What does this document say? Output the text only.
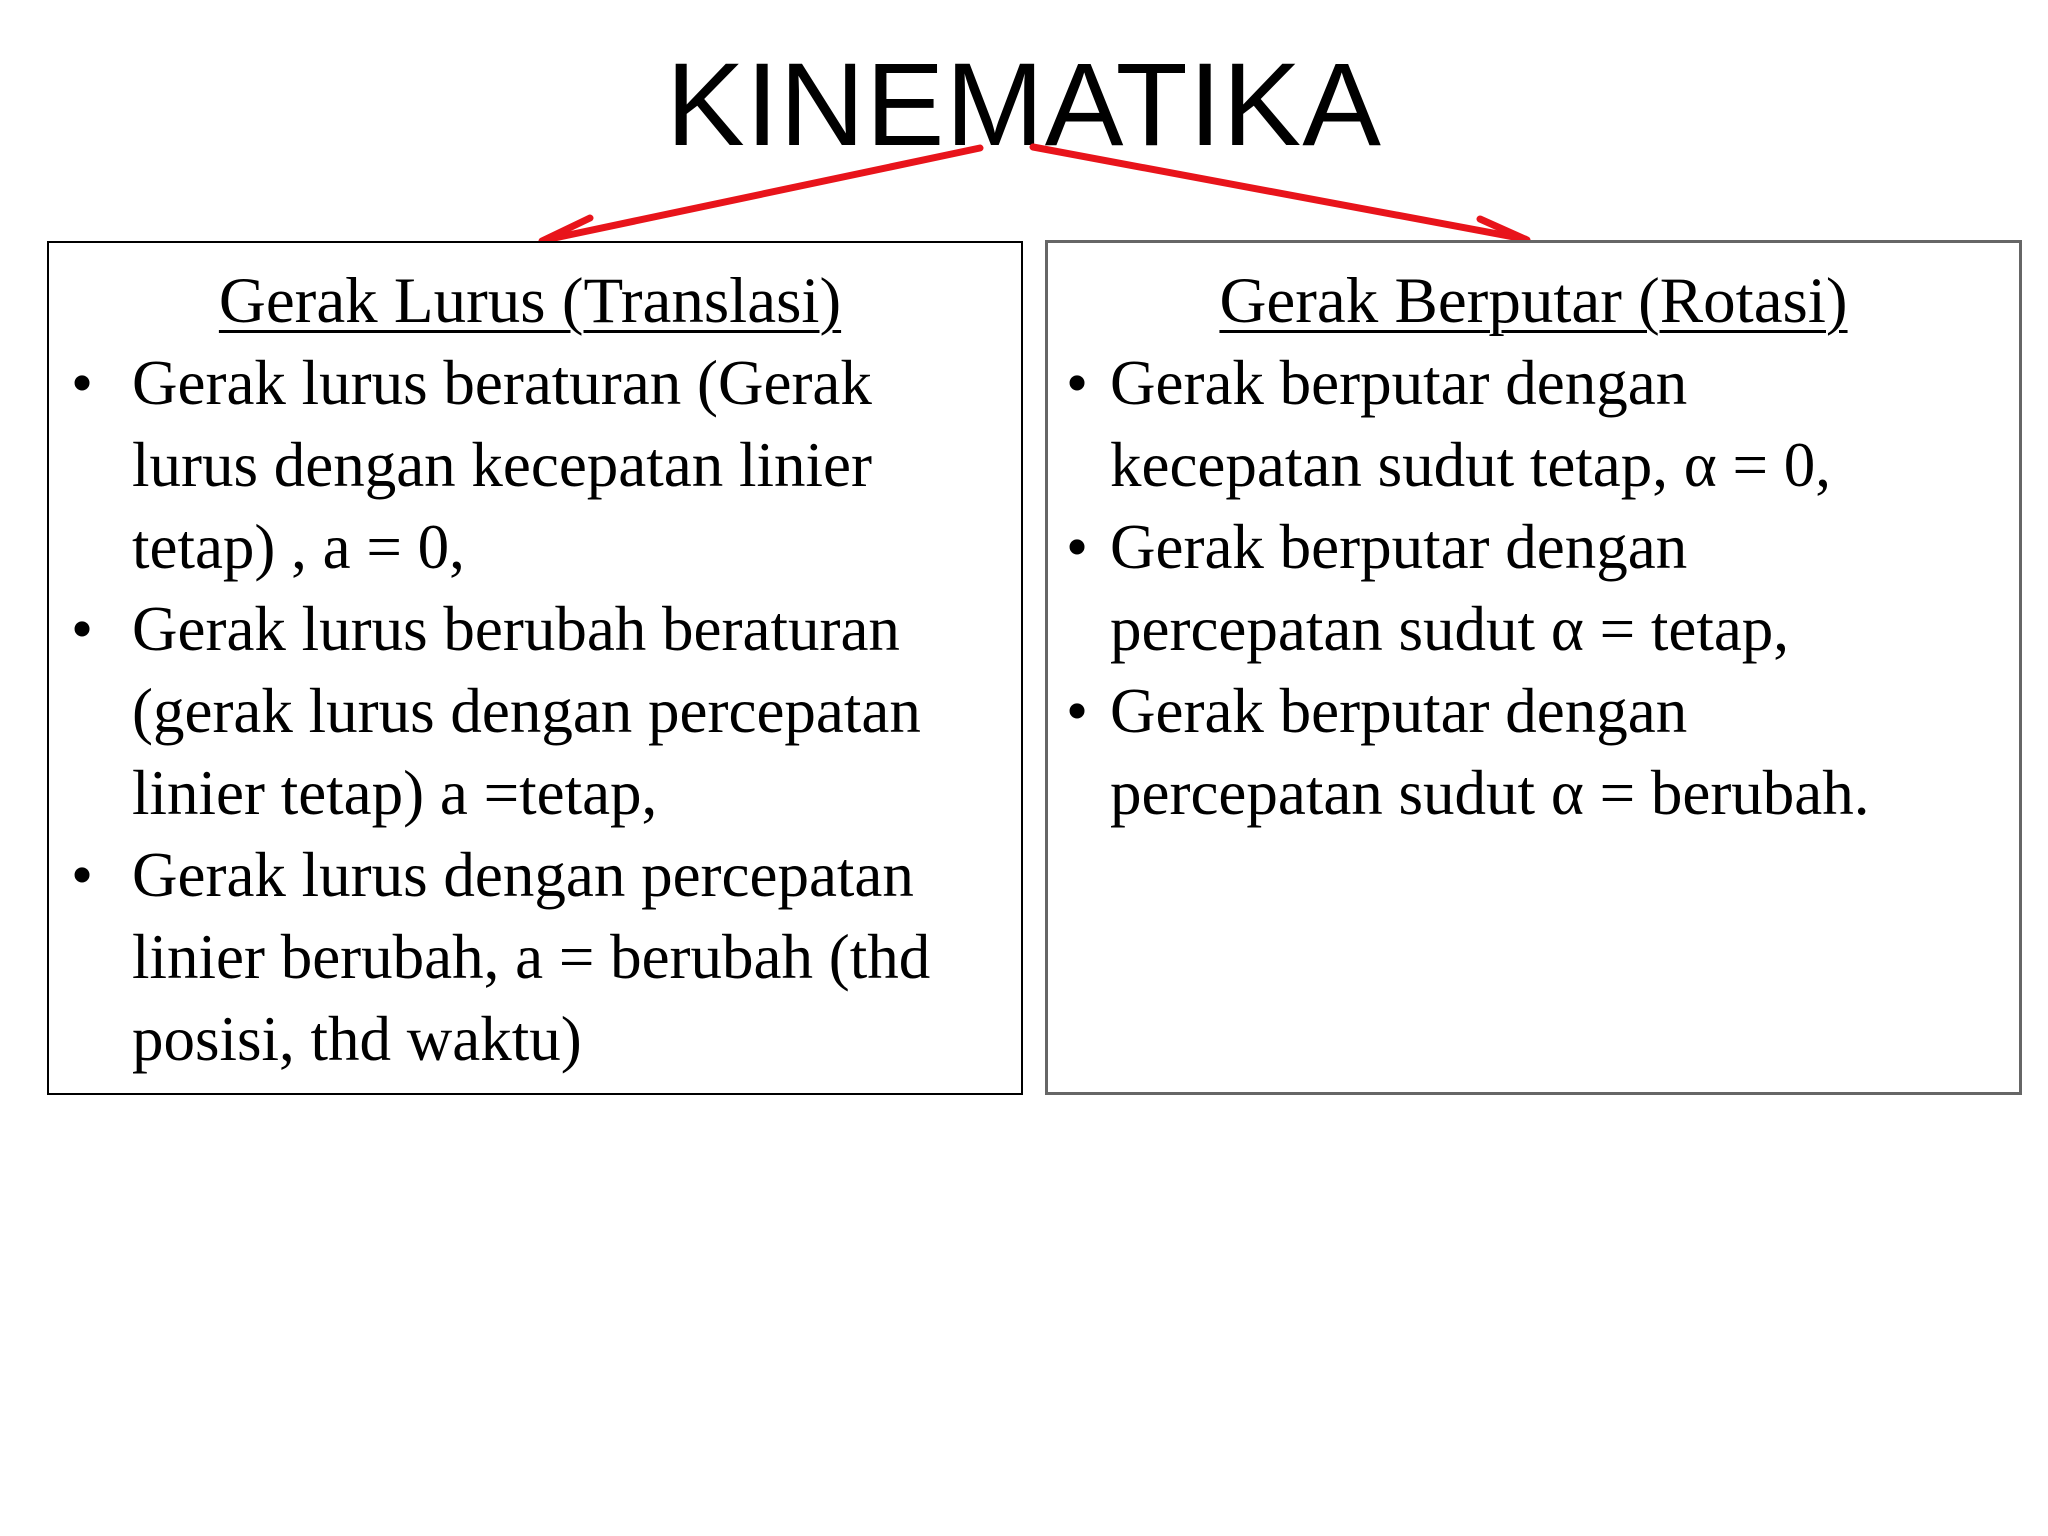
KINEMATIKA
Gerak Lurus (Translasi)
• Gerak lurus beraturan (Gerak
lurus dengan kecepatan linier
tetap) , a = 0,
• Gerak lurus berubah beraturan
(gerak lurus dengan percepatan
linier tetap) a =tetap,
• Gerak lurus dengan percepatan
linier berubah, a = berubah (thd
posisi, thd waktu)
Gerak Berputar (Rotasi)
• Gerak berputar dengan
kecepatan sudut tetap, α = 0,
• Gerak berputar dengan
percepatan sudut α = tetap,
• Gerak berputar dengan
percepatan sudut α = berubah.
